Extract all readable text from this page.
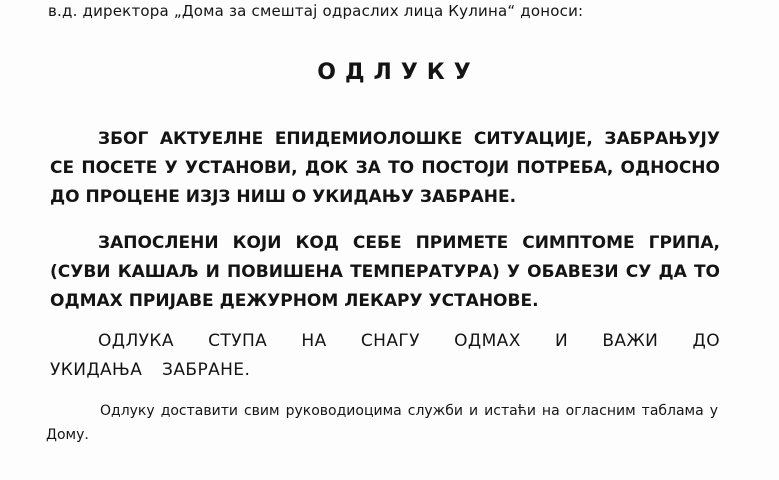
в.д. директора „Дома за смештај одраслих лица Кулина“ доноси:
ОДЛУКУ
ЗБОГ АКТУЕЛНЕ ЕПИДЕМИОЛОШКЕ СИТУАЦИЈЕ, ЗАБРАЊУЈУ СЕ ПОСЕТЕ У УСТАНОВИ, ДОК ЗА ТО ПОСТОЈИ ПОТРЕБА, ОДНОСНО ДО ПРОЦЕНЕ ИЗЈЗ НИШ О УКИДАЊУ ЗАБРАНЕ.
ЗАПОСЛЕНИ КОЈИ КОД СЕБЕ ПРИМЕТЕ СИМПТОМЕ ГРИПА, (СУВИ КАШАЉ И ПОВИШЕНА ТЕМПЕРАТУРА) У ОБАВЕЗИ СУ ДА ТО ОДМАХ ПРИЈАВЕ ДЕЖУРНОМ ЛЕКАРУ УСТАНОВЕ.
ОДЛУКА СТУПА НА СНАГУ ОДМАХ И ВАЖИ ДО УКИДАЊА ЗАБРАНЕ.
Одлуку доставити свим руководиоцима служби и истаћи на огласним таблама у Дому.
